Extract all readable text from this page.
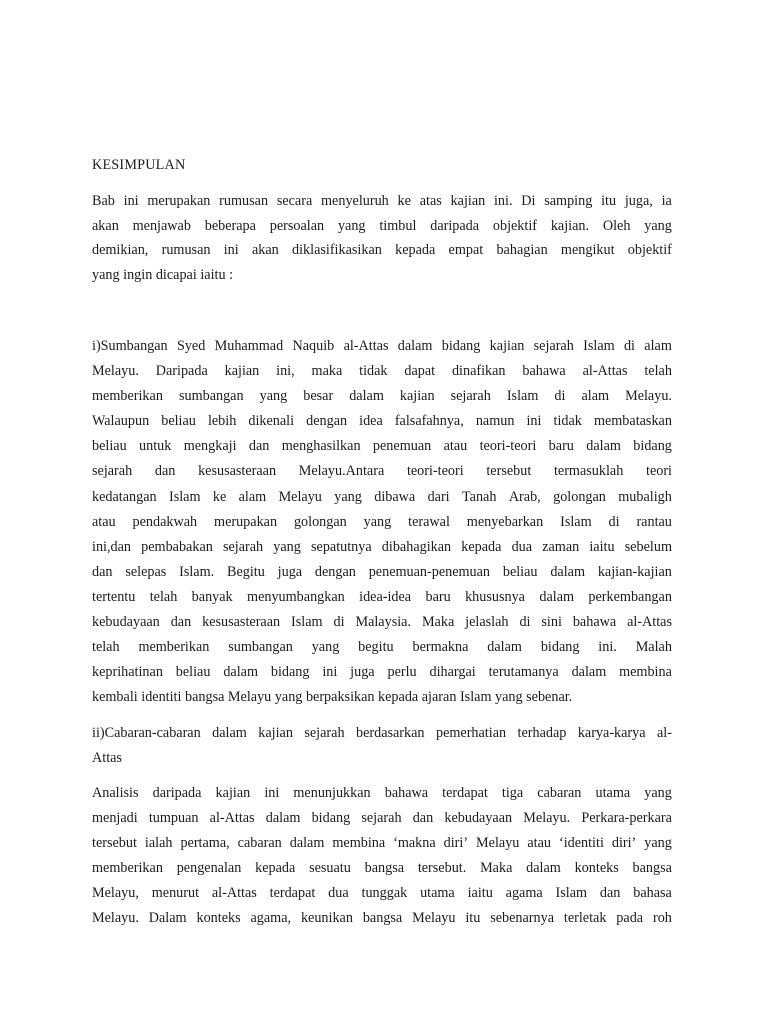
KESIMPULAN
Bab ini merupakan rumusan secara menyeluruh ke atas kajian ini. Di samping itu juga, ia
akan menjawab beberapa persoalan yang timbul daripada objektif kajian. Oleh yang
demikian, rumusan ini akan diklasifikasikan kepada empat bahagian mengikut objektif
yang ingin dicapai iaitu :
i)Sumbangan Syed Muhammad Naquib al-Attas dalam bidang kajian sejarah Islam di alam
Melayu. Daripada kajian ini, maka tidak dapat dinafikan bahawa al-Attas telah
memberikan sumbangan yang besar dalam kajian sejarah Islam di alam Melayu.
Walaupun beliau lebih dikenali dengan idea falsafahnya, namun ini tidak membataskan
beliau untuk mengkaji dan menghasilkan penemuan atau teori-teori baru dalam bidang
sejarah dan kesusasteraan Melayu.Antara teori-teori tersebut termasuklah teori
kedatangan Islam ke alam Melayu yang dibawa dari Tanah Arab, golongan mubaligh
atau pendakwah merupakan golongan yang terawal menyebarkan Islam di rantau
ini,dan pembabakan sejarah yang sepatutnya dibahagikan kepada dua zaman iaitu sebelum
dan selepas Islam. Begitu juga dengan penemuan-penemuan beliau dalam kajian-kajian
tertentu telah banyak menyumbangkan idea-idea baru khususnya dalam perkembangan
kebudayaan dan kesusasteraan Islam di Malaysia. Maka jelaslah di sini bahawa al-Attas
telah memberikan sumbangan yang begitu bermakna dalam bidang ini. Malah
keprihatinan beliau dalam bidang ini juga perlu dihargai terutamanya dalam membina
kembali identiti bangsa Melayu yang berpaksikan kepada ajaran Islam yang sebenar.
ii)Cabaran-cabaran dalam kajian sejarah berdasarkan pemerhatian terhadap karya-karya al-
Attas
Analisis daripada kajian ini menunjukkan bahawa terdapat tiga cabaran utama yang
menjadi tumpuan al-Attas dalam bidang sejarah dan kebudayaan Melayu. Perkara-perkara
tersebut ialah pertama, cabaran dalam membina ‘makna diri’ Melayu atau ‘identiti diri’ yang
memberikan pengenalan kepada sesuatu bangsa tersebut. Maka dalam konteks bangsa
Melayu, menurut al-Attas terdapat dua tunggak utama iaitu agama Islam dan bahasa
Melayu. Dalam konteks agama, keunikan bangsa Melayu itu sebenarnya terletak pada roh
